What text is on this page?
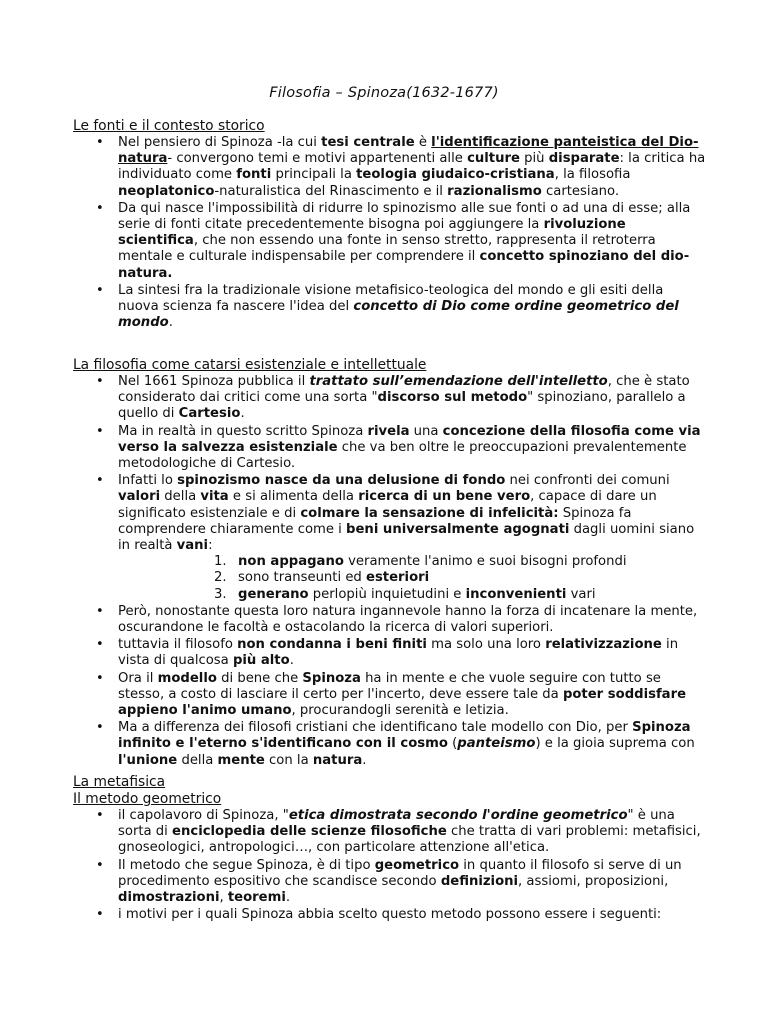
Filosofia – Spinoza(1632-1677)
Le fonti e il contesto storico
• Nel pensiero di Spinoza -la cui tesi centrale è l'identificazione panteistica del Dio-natura- convergono temi e motivi appartenenti alle culture più disparate: la critica ha individuato come fonti principali la teologia giudaico-cristiana, la filosofia neoplatonico-naturalistica del Rinascimento e il razionalismo cartesiano.
• Da qui nasce l'impossibilità di ridurre lo spinozismo alle sue fonti o ad una di esse; alla serie di fonti citate precedentemente bisogna poi aggiungere la rivoluzione scientifica, che non essendo una fonte in senso stretto, rappresenta il retroterra mentale e culturale indispensabile per comprendere il concetto spinoziano del dio-natura.
• La sintesi fra la tradizionale visione metafisico-teologica del mondo e gli esiti della nuova scienza fa nascere l'idea del concetto di Dio come ordine geometrico del mondo.
La filosofia come catarsi esistenziale e intellettuale
• Nel 1661 Spinoza pubblica il trattato sull’emendazione dell'intelletto, che è stato considerato dai critici come una sorta "discorso sul metodo" spinoziano, parallelo a quello di Cartesio.
• Ma in realtà in questo scritto Spinoza rivela una concezione della filosofia come via verso la salvezza esistenziale che va ben oltre le preoccupazioni prevalentemente metodologiche di Cartesio.
• Infatti lo spinozismo nasce da una delusione di fondo nei confronti dei comuni valori della vita e si alimenta della ricerca di un bene vero, capace di dare un significato esistenziale e di colmare la sensazione di infelicità: Spinoza fa comprendere chiaramente come i beni universalmente agognati dagli uomini siano in realtà vani:
1. non appagano veramente l'animo e suoi bisogni profondi
2. sono transeunti ed esteriori
3. generano perlopiù inquietudini e inconvenienti vari
• Però, nonostante questa loro natura ingannevole hanno la forza di incatenare la mente, oscurandone le facoltà e ostacolando la ricerca di valori superiori.
• tuttavia il filosofo non condanna i beni finiti ma solo una loro relativizzazione in vista di qualcosa più alto.
• Ora il modello di bene che Spinoza ha in mente e che vuole seguire con tutto se stesso, a costo di lasciare il certo per l'incerto, deve essere tale da poter soddisfare appieno l'animo umano, procurandogli serenità e letizia.
• Ma a differenza dei filosofi cristiani che identificano tale modello con Dio, per Spinoza infinito e l'eterno s'identificano con il cosmo (panteismo) e la gioia suprema con l'unione della mente con la natura.
La metafisica
Il metodo geometrico
• il capolavoro di Spinoza, "etica dimostrata secondo l'ordine geometrico" è una sorta di enciclopedia delle scienze filosofiche che tratta di vari problemi: metafisici, gnoseologici, antropologici…, con particolare attenzione all'etica.
• Il metodo che segue Spinoza, è di tipo geometrico in quanto il filosofo si serve di un procedimento espositivo che scandisce secondo definizioni, assiomi, proposizioni, dimostrazioni, teoremi.
• i motivi per i quali Spinoza abbia scelto questo metodo possono essere i seguenti:
